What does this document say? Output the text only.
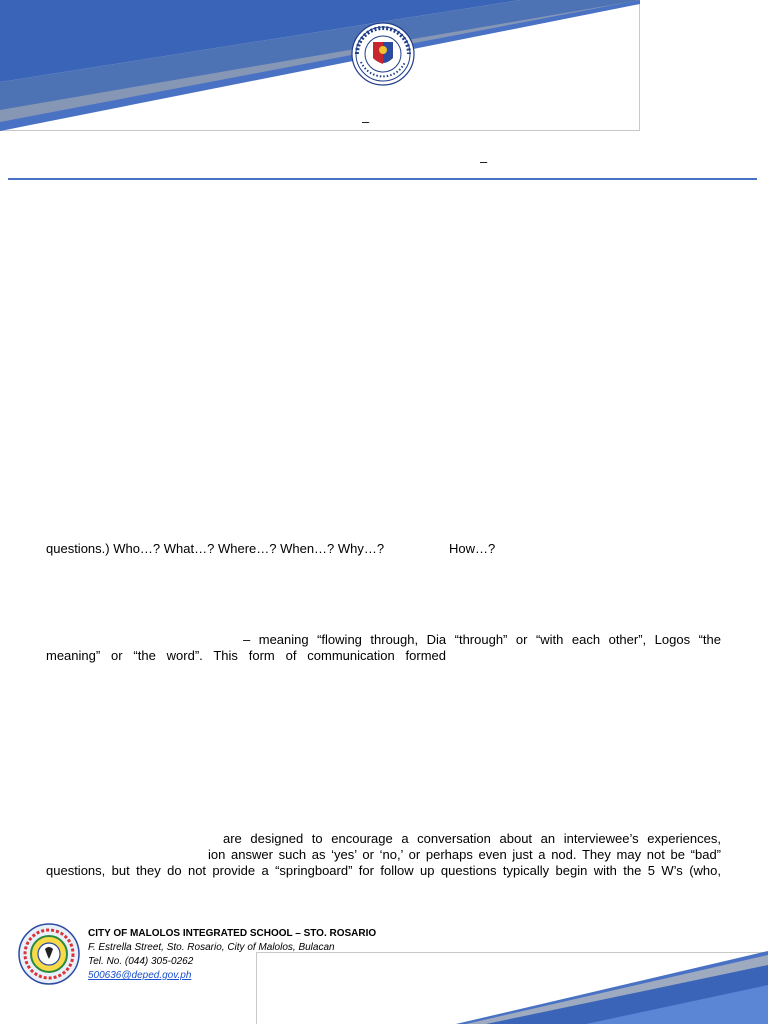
–
–
questions.) Who…? What…? Where…? When…? Why…?	How…?
– meaning “flowing through, Dia “through” or “with each other”, Logos “the
meaning” or “the word”. This form of communication formed
are designed to encourage a conversation about an interviewee’s experiences,
ion answer such as ‘yes’ or ‘no,’ or perhaps even just a nod. They may not be “bad”
questions, but they do not provide a “springboard” for follow up questions typically begin with the 5 W’s (who,
CITY OF MALOLOS INTEGRATED SCHOOL – STO. ROSARIO
F. Estrella Street, Sto. Rosario, City of Malolos, Bulacan
Tel. No. (044) 305-0262
500636@deped.gov.ph
